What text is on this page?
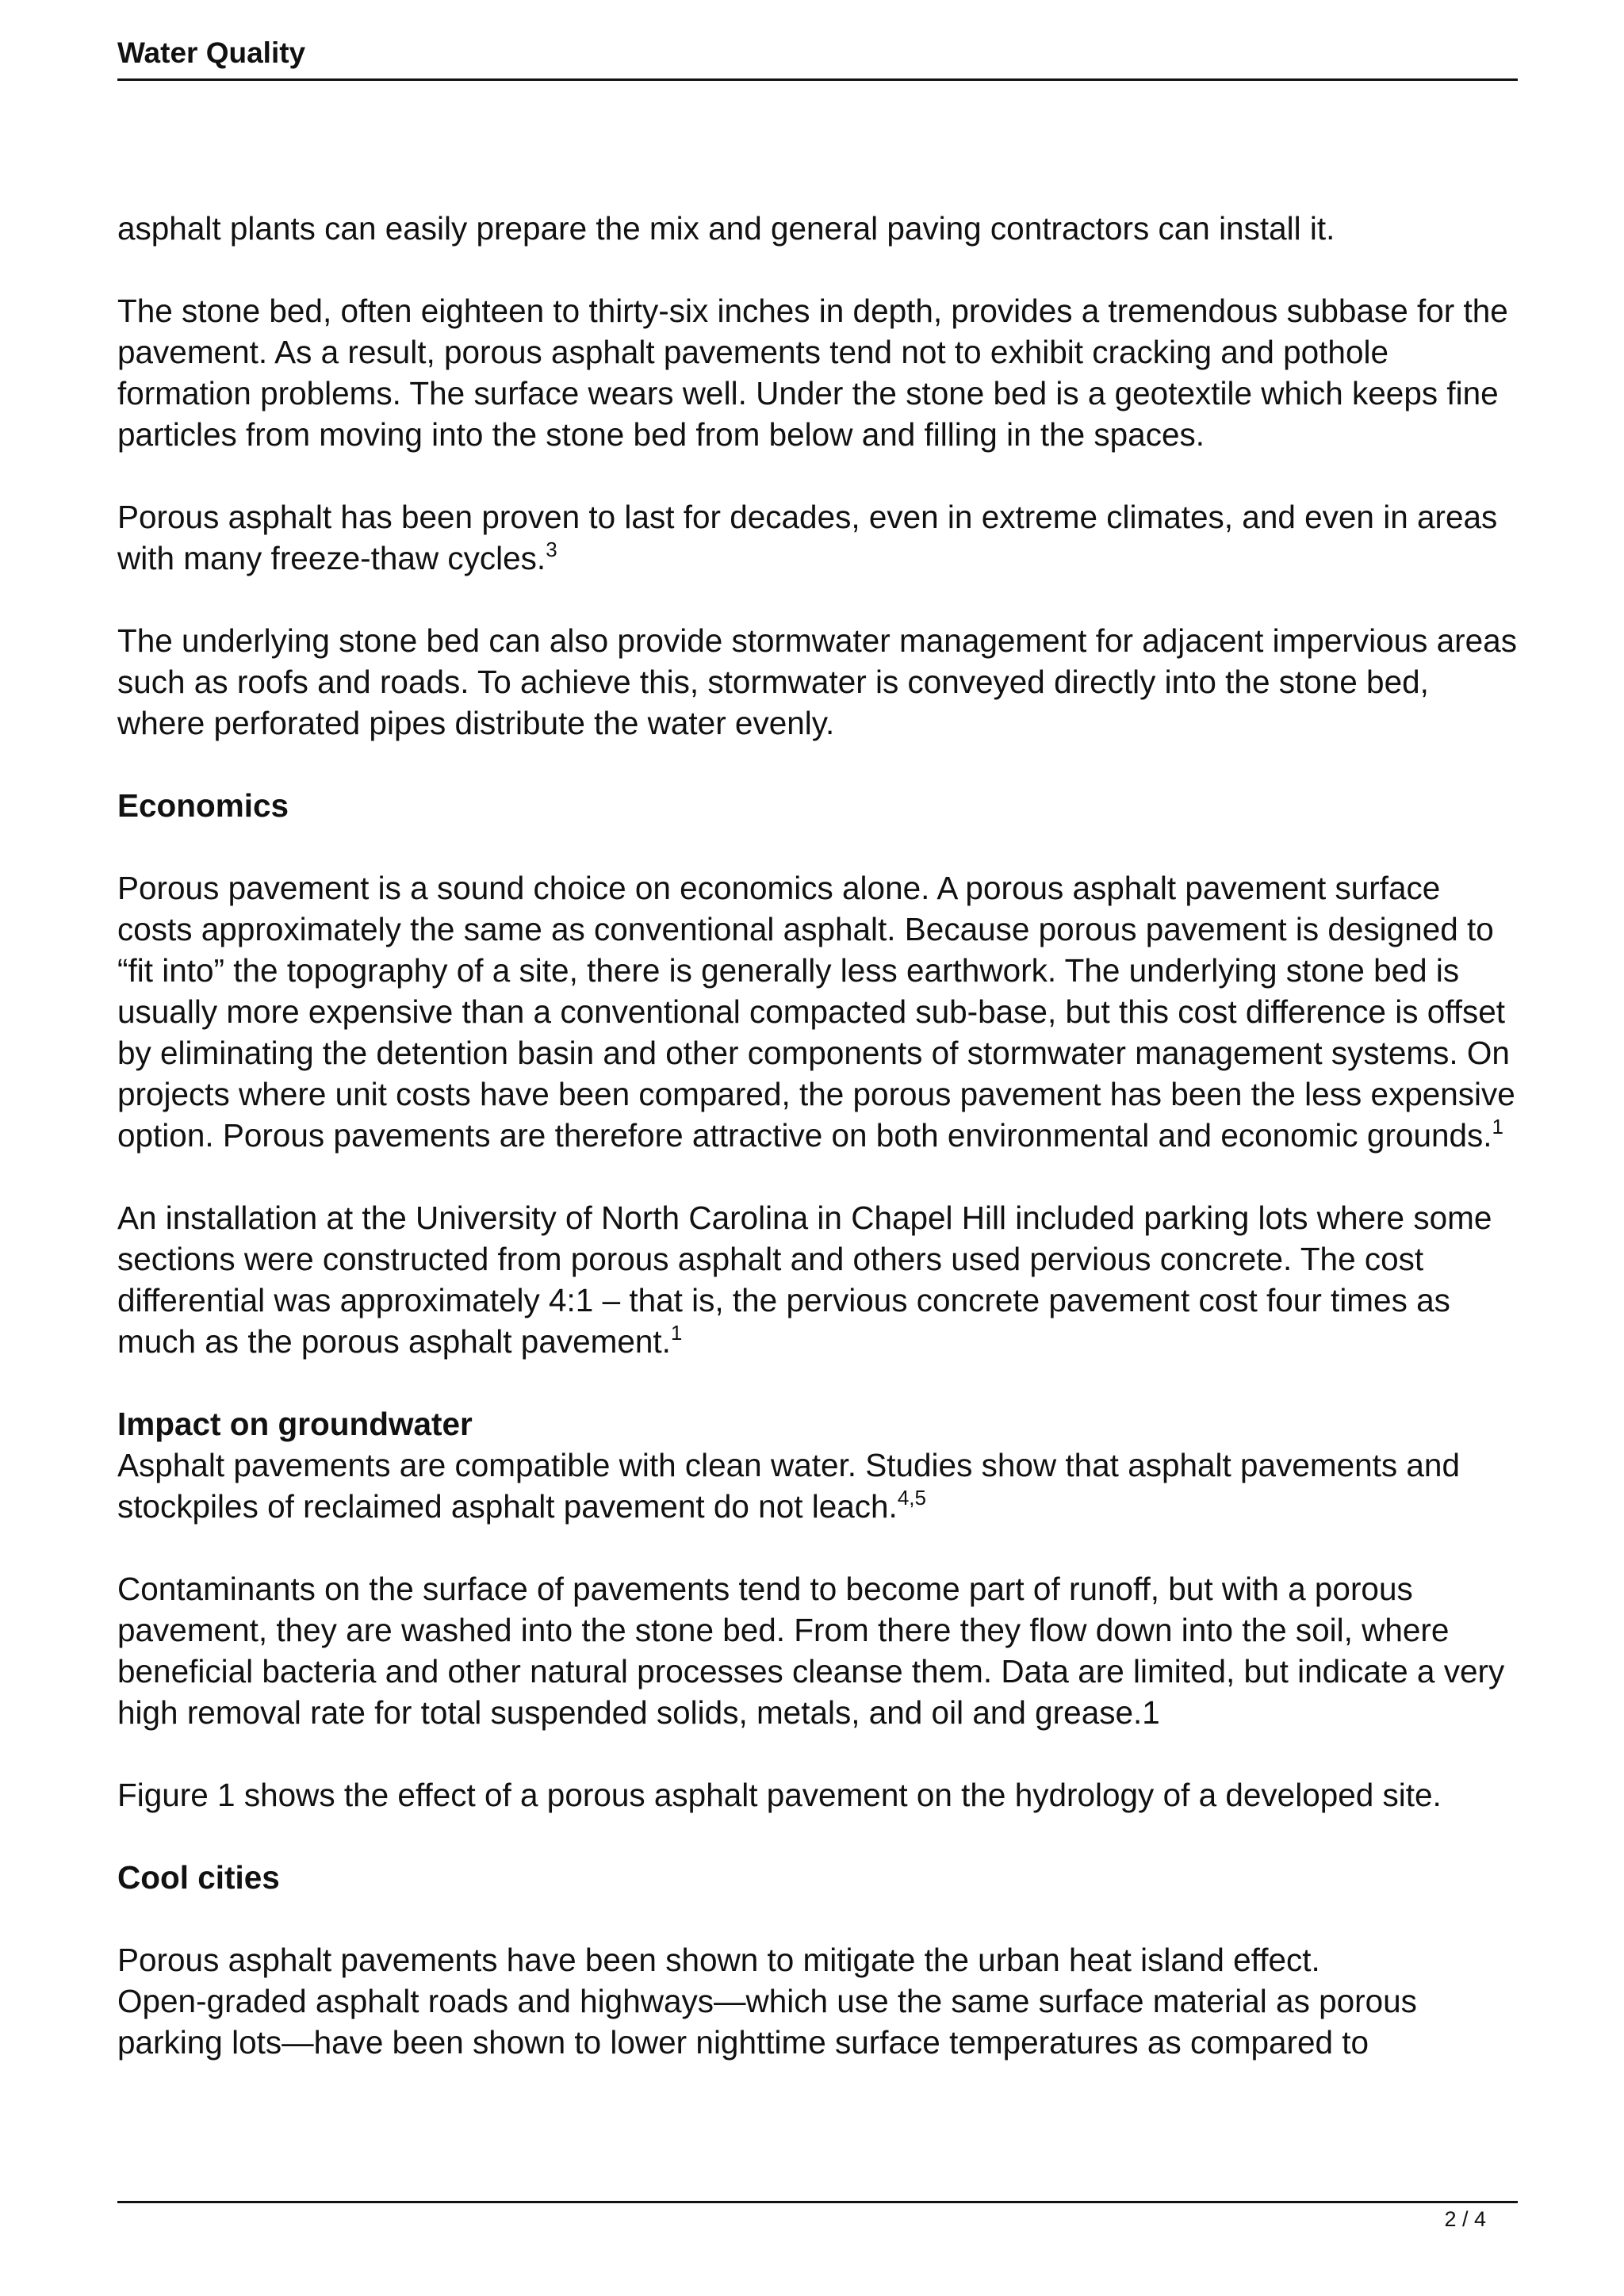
Water Quality

asphalt plants can easily prepare the mix and general paving contractors can install it.

The stone bed, often eighteen to thirty-six inches in depth, provides a tremendous subbase for the pavement. As a result, porous asphalt pavements tend not to exhibit cracking and pothole formation problems. The surface wears well. Under the stone bed is a geotextile which keeps fine particles from moving into the stone bed from below and filling in the spaces.

Porous asphalt has been proven to last for decades, even in extreme climates, and even in areas with many freeze-thaw cycles.$^3$

The underlying stone bed can also provide stormwater management for adjacent impervious areas such as roofs and roads. To achieve this, stormwater is conveyed directly into the stone bed, where perforated pipes distribute the water evenly.

Economics

Porous pavement is a sound choice on economics alone. A porous asphalt pavement surface costs approximately the same as conventional asphalt. Because porous pavement is designed to “fit into” the topography of a site, there is generally less earthwork. The underlying stone bed is usually more expensive than a conventional compacted sub-base, but this cost difference is offset by eliminating the detention basin and other components of stormwater management systems. On projects where unit costs have been compared, the porous pavement has been the less expensive option. Porous pavements are therefore attractive on both environmental and economic grounds.$^1$

An installation at the University of North Carolina in Chapel Hill included parking lots where some sections were constructed from porous asphalt and others used pervious concrete. The cost differential was approximately 4:1 – that is, the pervious concrete pavement cost four times as much as the porous asphalt pavement.$^1$

Impact on groundwater

Asphalt pavements are compatible with clean water. Studies show that asphalt pavements and stockpiles of reclaimed asphalt pavement do not leach.$^{4,5}$

Contaminants on the surface of pavements tend to become part of runoff, but with a porous pavement, they are washed into the stone bed. From there they flow down into the soil, where beneficial bacteria and other natural processes cleanse them. Data are limited, but indicate a very high removal rate for total suspended solids, metals, and oil and grease.1

Figure 1 shows the effect of a porous asphalt pavement on the hydrology of a developed site.

Cool cities

Porous asphalt pavements have been shown to mitigate the urban heat island effect.
Open-graded asphalt roads and highways—which use the same surface material as porous parking lots—have been shown to lower nighttime surface temperatures as compared to

2 / 4
